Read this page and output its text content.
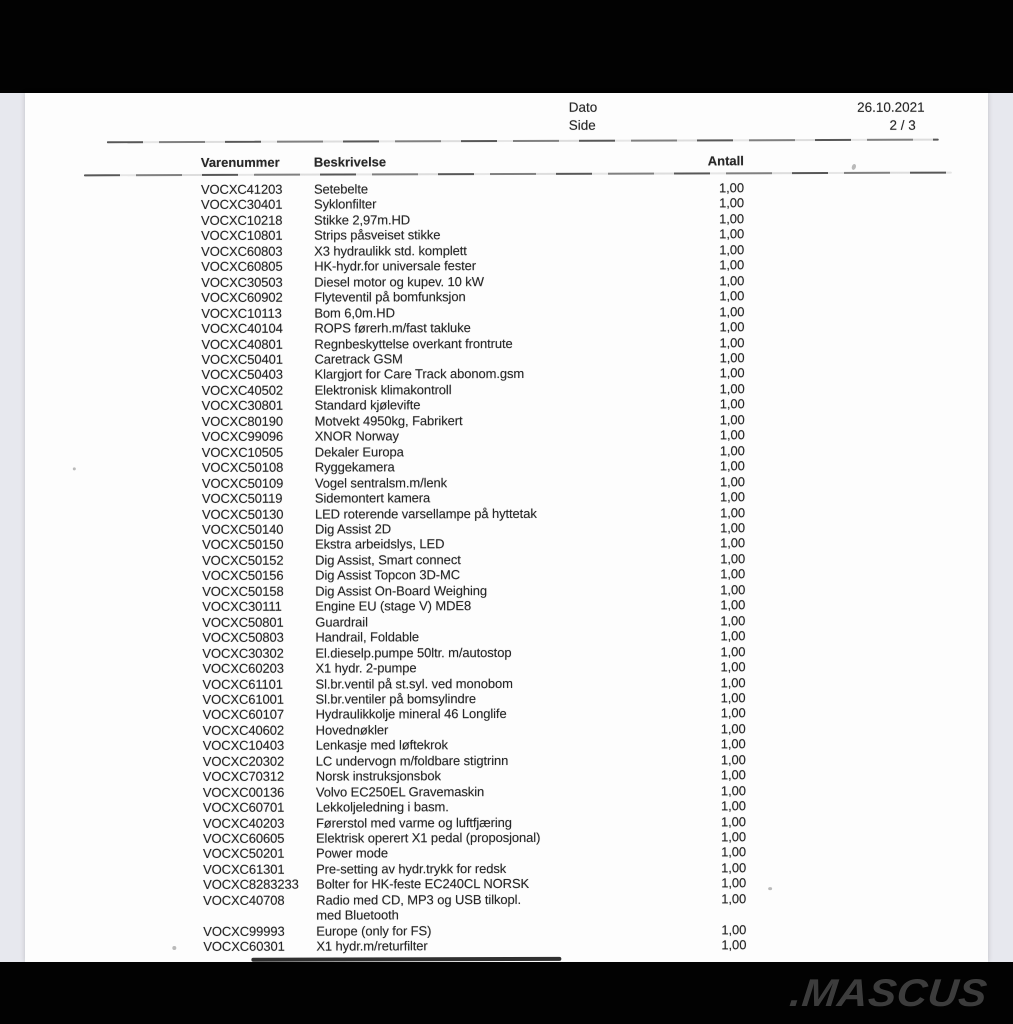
Dato	26.10.2021
Side	2 / 3
Varenummer	Beskrivelse	Antall
VOCXC41203 Setebelte	1,00
VOCXC30401 Syklonfilter	1,00
VOCXC10218 Stikke 2,97m.HD	1,00
VOCXC10801 Strips påsveiset stikke	1,00
VOCXC60803 X3 hydraulikk std. komplett	1,00
VOCXC60805 HK-hydr.for universale fester	1,00
VOCXC30503 Diesel motor og kupev. 10 kW	1,00
VOCXC60902 Flyteventil på bomfunksjon	1,00
VOCXC10113	Bom 6,0m.HD	1,00
VOCXC40104 ROPS førerh.m/fast takluke	1,00
VOCXC40801 Regnbeskyttelse overkant frontrute	1,00
VOCXC50401 Caretrack GSM	1,00
VOCXC50403 Klargjort for Care Track abonom.gsm	1,00
VOCXC40502 Elektronisk klimakontroll	1,00
VOCXC30801 Standard kjølevifte	1,00
VOCXC80190 Motvekt 4950kg, Fabrikert	1,00
VOCXC99096 XNOR Norway	1,00
VOCXC10505 Dekaler Europa	1,00
VOCXC50108 Ryggekamera	1,00
VOCXC50109 Vogel sentralsm.m/lenk	1,00
VOCXC50119	Sidemontert kamera	1,00
VOCXC50130 LED roterende varsellampe på hyttetak	1,00
VOCXC50140 Dig Assist 2D	1,00
VOCXC50150 Ekstra arbeidslys, LED	1,00
VOCXC50152 Dig Assist, Smart connect	1,00
VOCXC50156 Dig Assist Topcon 3D-MC	1,00
VOCXC50158 Dig Assist On-Board Weighing	1,00
VOCXC30111	Engine EU (stage V) MDE8	1,00
VOCXC50801 Guardrail	1,00
VOCXC50803 Handrail, Foldable	1,00
VOCXC30302 El.dieselp.pumpe 50ltr. m/autostop	1,00
VOCXC60203 X1 hydr. 2-pumpe	1,00
VOCXC61101	Sl.br.ventil på st.syl. ved monobom	1,00
VOCXC61001 Sl.br.ventiler på bomsylindre	1,00
VOCXC60107 Hydraulikkolje mineral 46 Longlife	1,00
VOCXC40602 Hovednøkler	1,00
VOCXC10403 Lenkasje med løftekrok	1,00
VOCXC20302 LC undervogn m/foldbare stigtrinn	1,00
VOCXC70312 Norsk instruksjonsbok	1,00
VOCXC00136 Volvo EC250EL Gravemaskin	1,00
VOCXC60701 Lekkoljeledning i basm.	1,00
VOCXC40203 Førerstol med varme og luftfjæring	1,00
VOCXC60605 Elektrisk operert X1 pedal (proposjonal)	1,00
VOCXC50201 Power mode	1,00
VOCXC61301 Pre-setting av hydr.trykk for redsk	1,00
VOCXC8283233 Bolter for HK-feste EC240CL NORSK	1,00
VOCXC40708 Radio med CD, MP3 og USB tilkopl.
med Bluetooth
1,00
VOCXC99993 Europe (only for FS)	1,00
VOCXC60301 X1 hydr.m/returfilter	1,00
.MASCUS
